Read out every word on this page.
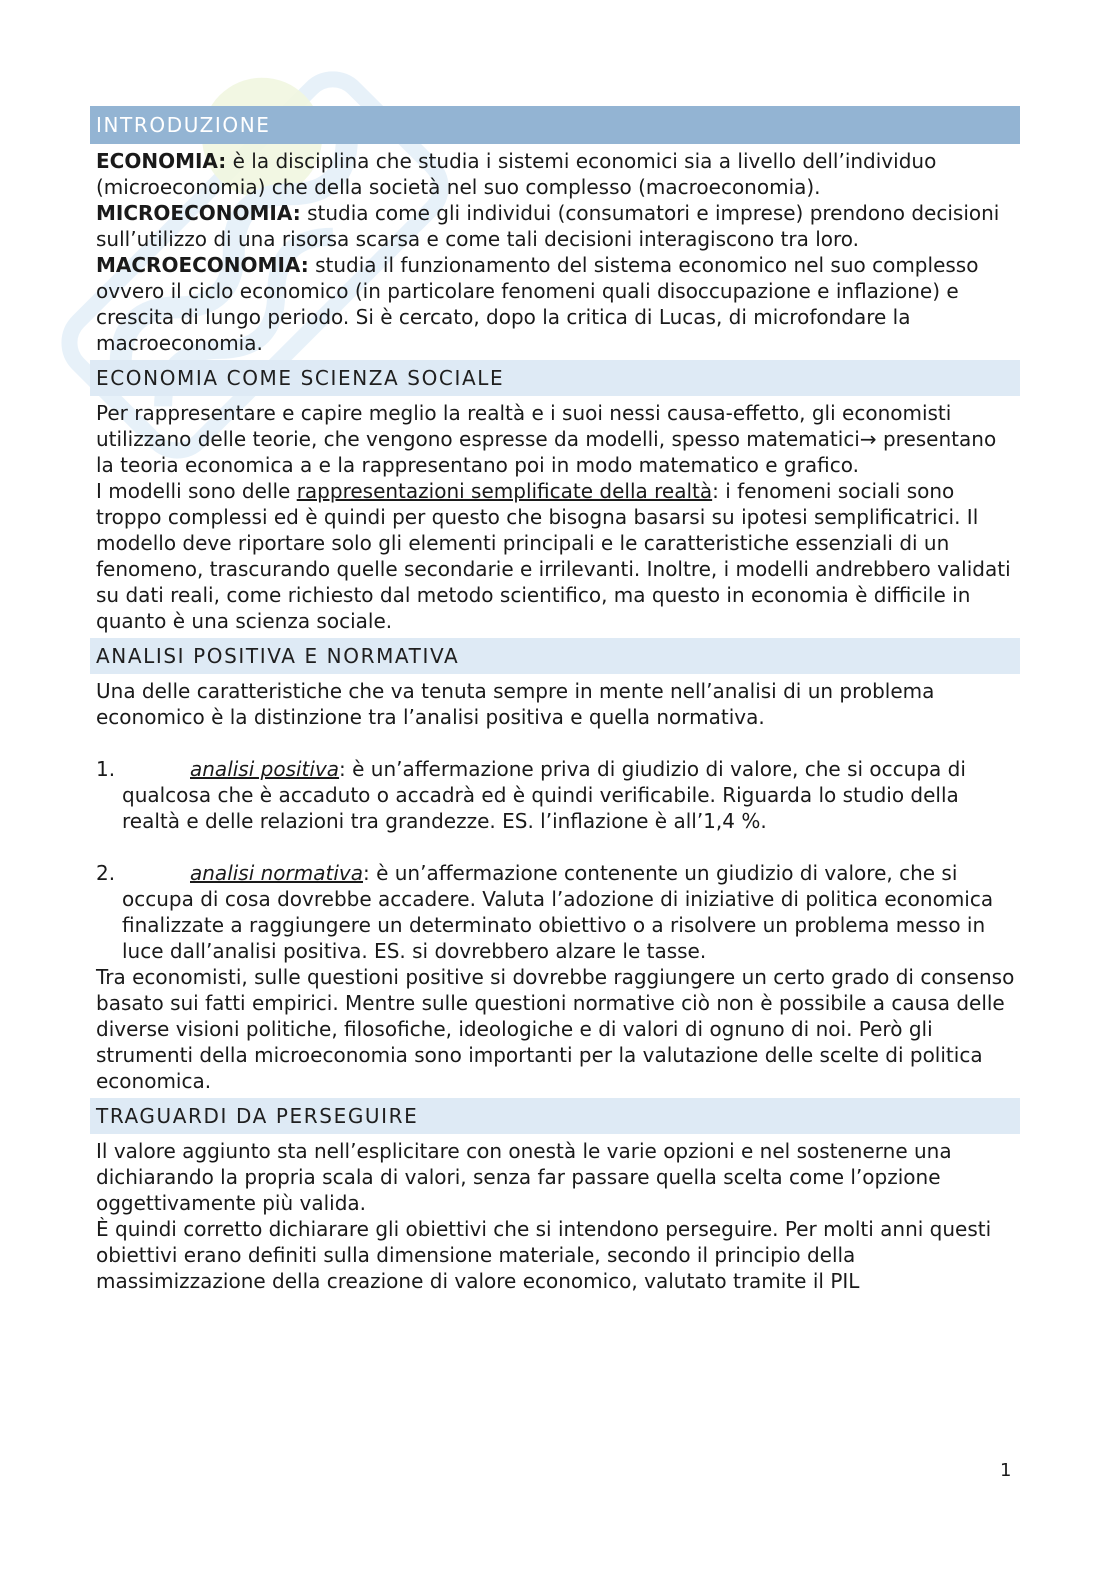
INTRODUZIONE

ECONOMIA: è la disciplina che studia i sistemi economici sia a livello dell’individuo (microeconomia) che della società nel suo complesso (macroeconomia).

MICROECONOMIA: studia come gli individui (consumatori e imprese) prendono decisioni sull’utilizzo di una risorsa scarsa e come tali decisioni interagiscono tra loro.

MACROECONOMIA: studia il funzionamento del sistema economico nel suo complesso ovvero il ciclo economico (in particolare fenomeni quali disoccupazione e inflazione) e crescita di lungo periodo. Si è cercato, dopo la critica di Lucas, di microfondare la macroeconomia.

ECONOMIA COME SCIENZA SOCIALE

Per rappresentare e capire meglio la realtà e i suoi nessi causa-effetto, gli economisti utilizzano delle teorie, che vengono espresse da modelli, spesso matematici→ presentano la teoria economica a e la rappresentano poi in modo matematico e grafico.

I modelli sono delle rappresentazioni semplificate della realtà: i fenomeni sociali sono troppo complessi ed è quindi per questo che bisogna basarsi su ipotesi semplificatrici. Il modello deve riportare solo gli elementi principali e le caratteristiche essenziali di un fenomeno, trascurando quelle secondarie e irrilevanti. Inoltre, i modelli andrebbero validati su dati reali, come richiesto dal metodo scientifico, ma questo in economia è difficile in quanto è una scienza sociale.

ANALISI POSITIVA E NORMATIVA

Una delle caratteristiche che va tenuta sempre in mente nell’analisi di un problema economico è la distinzione tra l’analisi positiva e quella normativa.

1.	analisi positiva: è un’affermazione priva di giudizio di valore, che si occupa di qualcosa che è accaduto o accadrà ed è quindi verificabile. Riguarda lo studio della realtà e delle relazioni tra grandezze. ES. l’inflazione è all’1,4 %.

2.	analisi normativa: è un’affermazione contenente un giudizio di valore, che si occupa di cosa dovrebbe accadere. Valuta l’adozione di iniziative di politica economica finalizzate a raggiungere un determinato obiettivo o a risolvere un problema messo in luce dall’analisi positiva. ES. si dovrebbero alzare le tasse.

Tra economisti, sulle questioni positive si dovrebbe raggiungere un certo grado di consenso basato sui fatti empirici. Mentre sulle questioni normative ciò non è possibile a causa delle diverse visioni politiche, filosofiche, ideologiche e di valori di ognuno di noi. Però gli strumenti della microeconomia sono importanti per la valutazione delle scelte di politica economica.

TRAGUARDI DA PERSEGUIRE

Il valore aggiunto sta nell’esplicitare con onestà le varie opzioni e nel sostenerne una dichiarando la propria scala di valori, senza far passare quella scelta come l’opzione oggettivamente più valida.

È quindi corretto dichiarare gli obiettivi che si intendono perseguire. Per molti anni questi obiettivi erano definiti sulla dimensione materiale, secondo il principio della massimizzazione della creazione di valore economico, valutato tramite il PIL

1
